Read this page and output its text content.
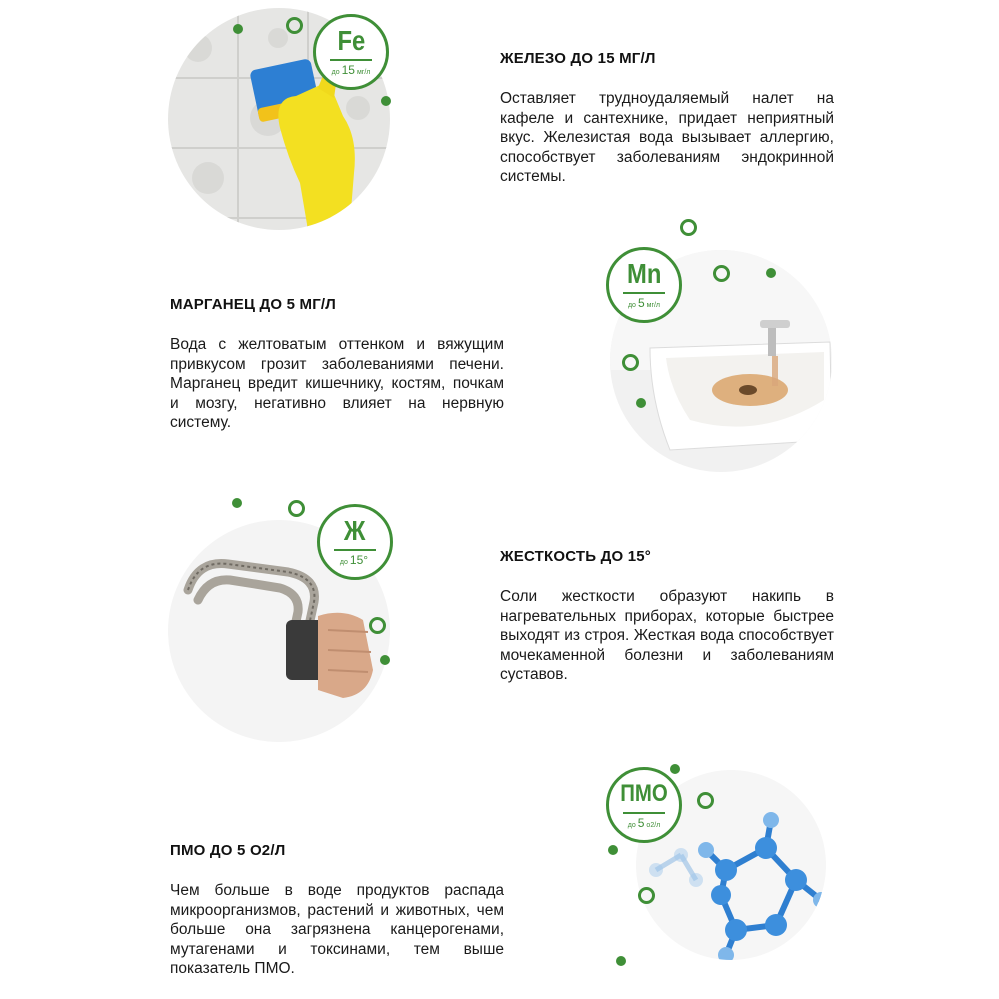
Fe
до 15 мг/л
ЖЕЛЕЗО ДО 15 МГ/Л
Оставляет трудноудаляемый налет на кафеле и сантехнике, придает неприятный вкус. Железистая вода вызывает аллергию, способствует заболеваниям эндокринной системы.
МАРГАНЕЦ ДО 5 МГ/Л
Вода с желтоватым оттенком и вяжущим привкусом грозит заболеваниями печени. Марганец вредит кишечнику, костям, почкам и мозгу, негативно влияет на нервную систему.
Mn
до 5 мг/л
Ж
до 15°	ЖЕСТКОСТЬ ДО 15°
Соли жесткости образуют накипь в нагревательных приборах, которые быстрее выходят из строя. Жесткая вода способствует мочекаменной болезни и заболеваниям суставов.
ПМО ДО 5 О2/Л
Чем больше в воде продуктов распада микроорганизмов, растений и животных, чем больше она загрязнена канцерогенами, мутагенами и токсинами, тем выше показатель ПМО.
ПМО
до 5 o2/л
